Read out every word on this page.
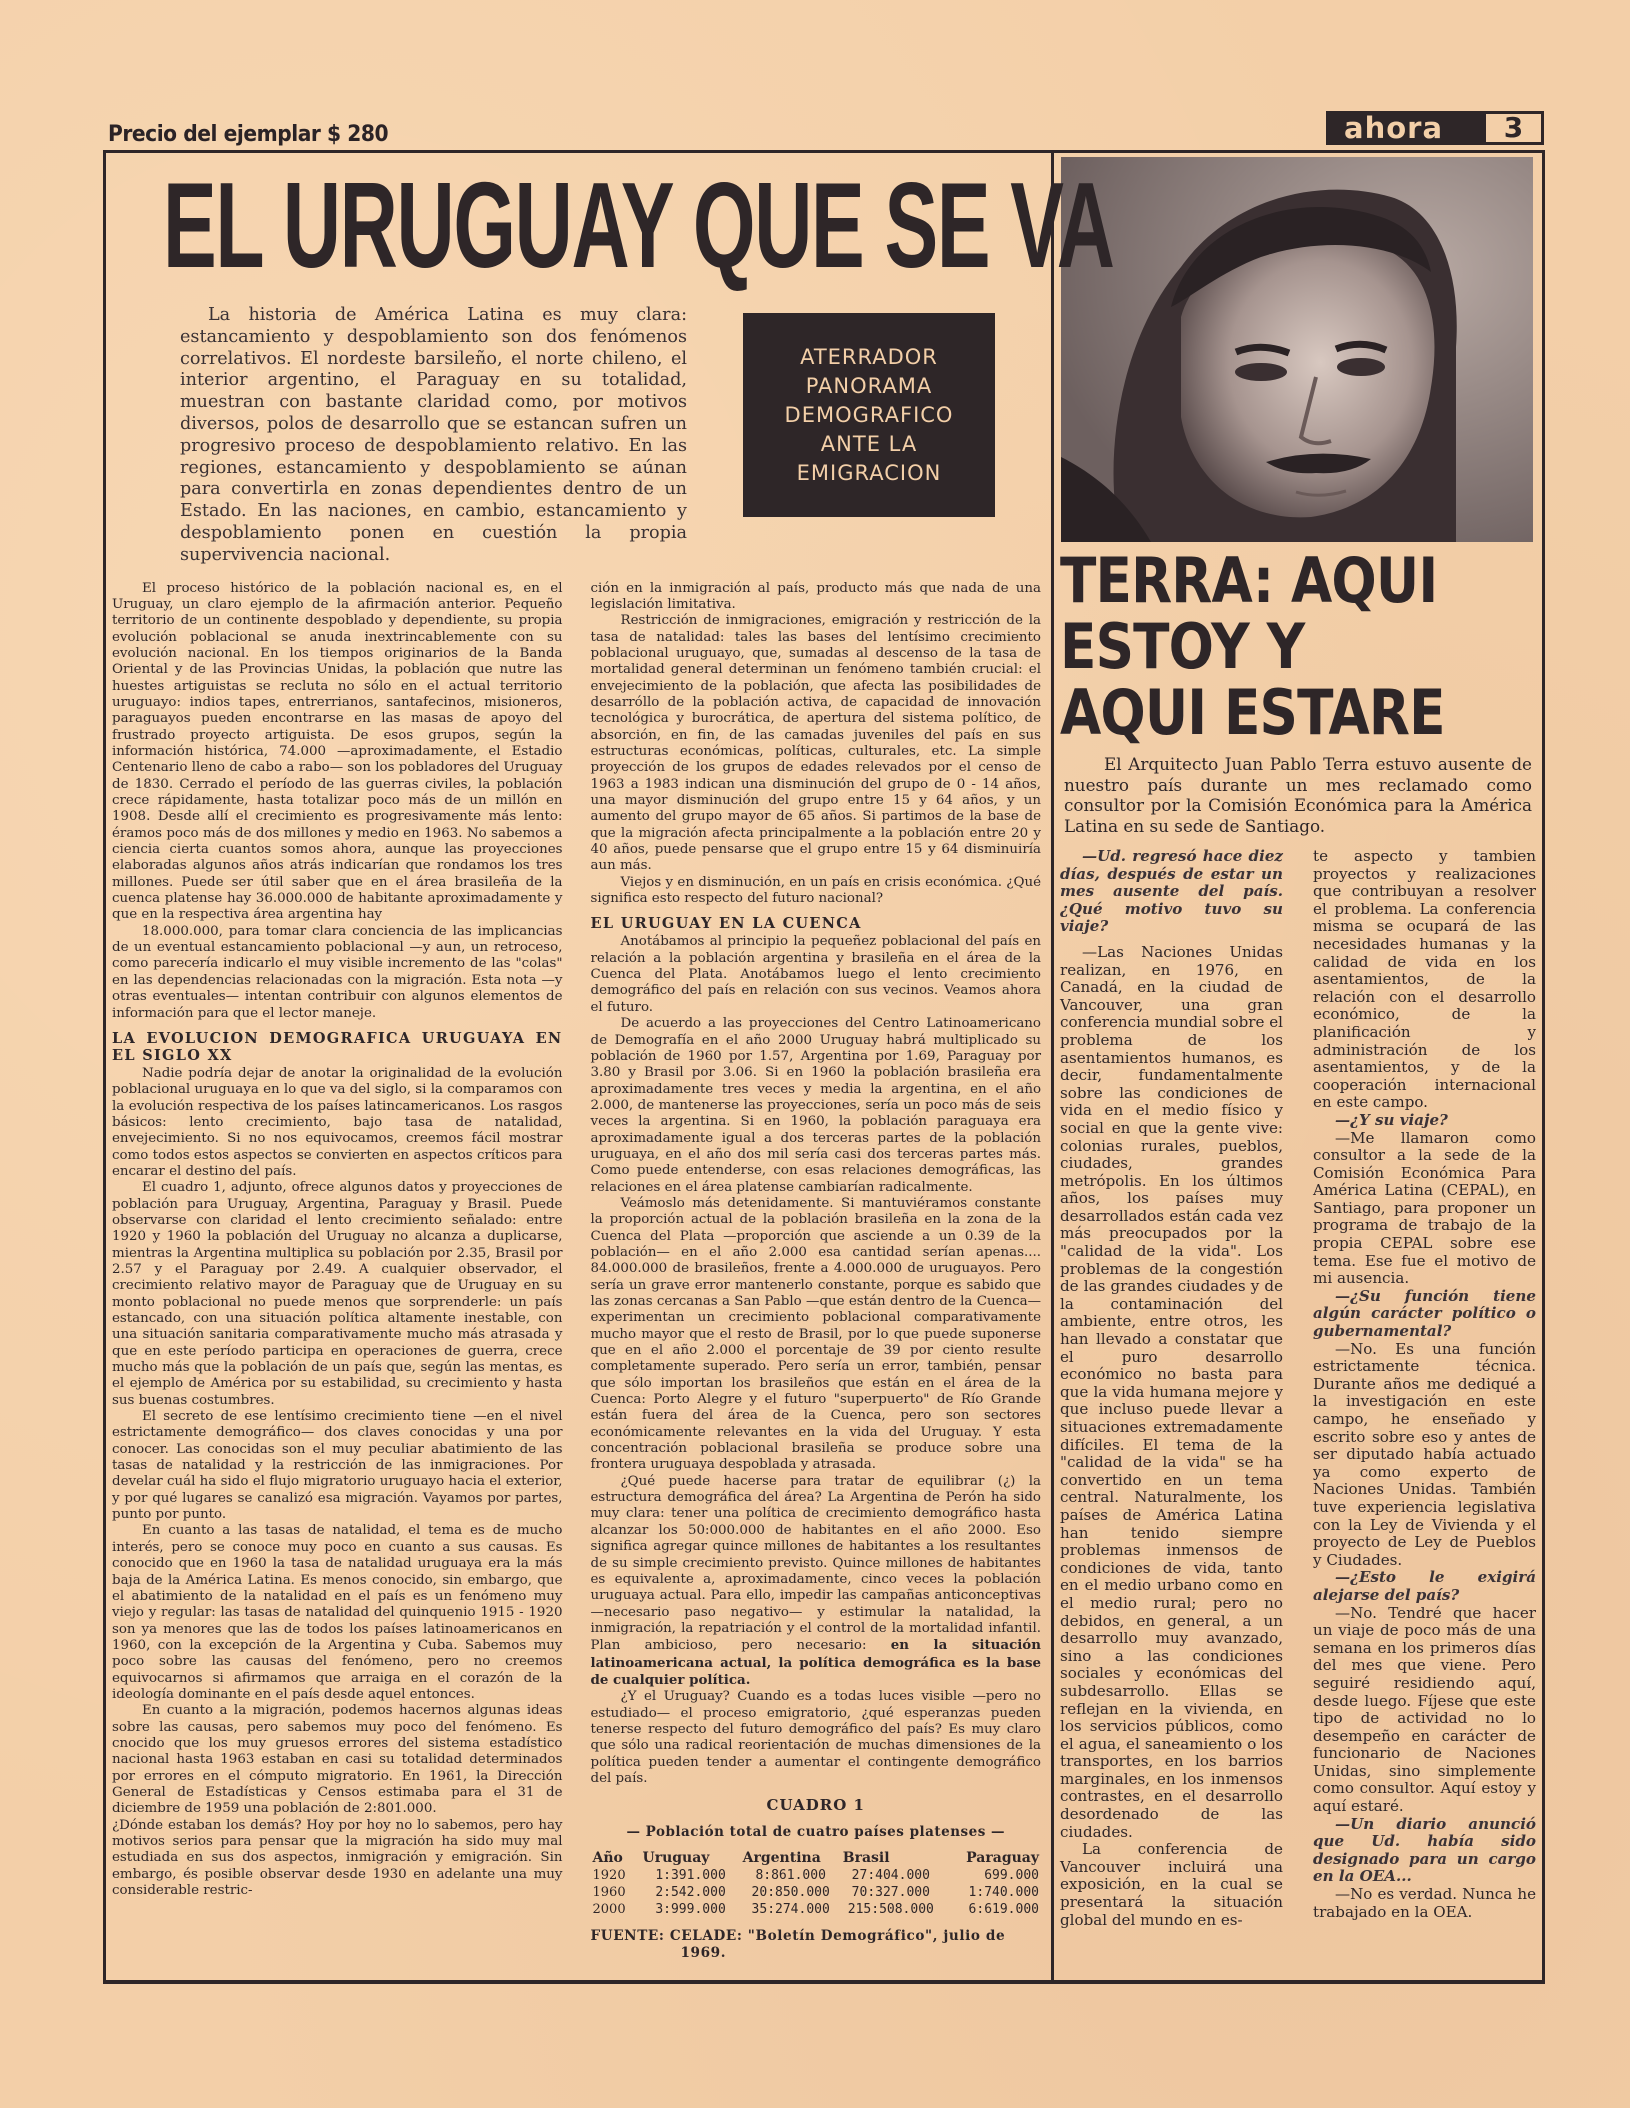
Precio del ejemplar $ 280	ahora	3
EL URUGUAY QUE SE VA
La historia de América Latina es muy clara: estancamiento y despoblamiento son dos fenómenos correlativos. El nordeste barsileño, el norte chileno, el interior argentino, el Paraguay en su totalidad, muestran con bastante claridad como, por motivos diversos, polos de desarrollo que se estancan sufren un progresivo proceso de despoblamiento relativo. En las regiones, estancamiento y despoblamiento se aúnan para convertirla en zonas dependientes dentro de un Estado. En las naciones, en cambio, estancamiento y despoblamiento ponen en cuestión la propia supervivencia nacional.
ATERRADOR
PANORAMA
DEMOGRAFICO
ANTE LA
EMIGRACION

El proceso histórico de la población nacional es, en el Uruguay, un claro ejemplo de la afirmación anterior. Pequeño territorio de un continente despoblado y dependiente, su propia evolución poblacional se anuda inextrincablemente con su evolución nacional. En los tiempos originarios de la Banda Oriental y de las Provincias Unidas, la población que nutre las huestes artiguistas se recluta no sólo en el actual territorio uruguayo: indios tapes, entrerrianos, santafecinos, misioneros, paraguayos pueden encontrarse en las masas de apoyo del frustrado proyecto artiguista. De esos grupos, según la información histórica, 74.000 —aproximadamente, el Estadio Centenario lleno de cabo a rabo— son los pobladores del Uruguay de 1830. Cerrado el período de las guerras civiles, la población crece rápidamente, hasta totalizar poco más de un millón en 1908. Desde allí el crecimiento es progresivamente más lento: éramos poco más de dos millones y medio en 1963. No sabemos a ciencia cierta cuantos somos ahora, aunque las proyecciones elaboradas algunos años atrás indicarían que rondamos los tres millones. Puede ser útil saber que en el área brasileña de la cuenca platense hay 36.000.000 de habitante aproximadamente y que en la respectiva área argentina hay

18.000.000, para tomar clara conciencia de las implicancias de un eventual estancamiento poblacional —y aun, un retroceso, como parecería indicarlo el muy visible incremento de las "colas" en las dependencias relacionadas con la migración. Esta nota —y otras eventuales— intentan contribuir con algunos elementos de información para que el lector maneje.

LA EVOLUCION DEMOGRAFICA URUGUAYA EN EL SIGLO XX

Nadie podría dejar de anotar la originalidad de la evolución poblacional uruguaya en lo que va del siglo, si la comparamos con la evolución respectiva de los países latincamericanos. Los rasgos básicos: lento crecimiento, bajo tasa de natalidad, envejecimiento. Si no nos equivocamos, creemos fácil mostrar como todos estos aspectos se convierten en aspectos críticos para encarar el destino del país.

El cuadro 1, adjunto, ofrece algunos datos y proyecciones de población para Uruguay, Argentina, Paraguay y Brasil. Puede observarse con claridad el lento crecimiento señalado: entre 1920 y 1960 la población del Uruguay no alcanza a duplicarse, mientras la Argentina multiplica su población por 2.35, Brasil por 2.57 y el Paraguay por 2.49. A cualquier observador, el crecimiento relativo mayor de Paraguay que de Uruguay en su monto poblacional no puede menos que sorprenderle: un país estancado, con una situación política altamente inestable, con una situación sanitaria comparativamente mucho más atrasada y que en este período participa en operaciones de guerra, crece mucho más que la población de un país que, según las mentas, es el ejemplo de América por su estabilidad, su crecimiento y hasta sus buenas costumbres.

El secreto de ese lentísimo crecimiento tiene —en el nivel estrictamente demográfico— dos claves conocidas y una por conocer. Las conocidas son el muy peculiar abatimiento de las tasas de natalidad y la restricción de las inmigraciones. Por develar cuál ha sido el flujo migratorio uruguayo hacia el exterior, y por qué lugares se canalizó esa migración. Vayamos por partes, punto por punto.

En cuanto a las tasas de natalidad, el tema es de mucho interés, pero se conoce muy poco en cuanto a sus causas. Es conocido que en 1960 la tasa de natalidad uruguaya era la más baja de la América Latina. Es menos conocido, sin embargo, que el abatimiento de la natalidad en el país es un fenómeno muy viejo y regular: las tasas de natalidad del quinquenio 1915 - 1920 son ya menores que las de todos los países latinoamericanos en 1960, con la excepción de la Argentina y Cuba. Sabemos muy poco sobre las causas del fenómeno, pero no creemos equivocarnos si afirmamos que arraiga en el corazón de la ideología dominante en el país desde aquel entonces.

En cuanto a la migración, podemos hacernos algunas ideas sobre las causas, pero sabemos muy poco del fenómeno. Es cnocido que los muy gruesos errores del sistema estadístico nacional hasta 1963 estaban en casi su totalidad determinados por errores en el cómputo migratorio. En 1961, la Dirección General de Estadísticas y Censos estimaba para el 31 de diciembre de 1959 una población de 2:801.000.

¿Dónde estaban los demás? Hoy por hoy no lo sabemos, pero hay motivos serios para pensar que la migración ha sido muy mal estudiada en sus dos aspectos, inmigración y emigración. Sin embargo, és posible observar desde 1930 en adelante una muy considerable restric-

ción en la inmigración al país, producto más que nada de una legislación limitativa.

Restricción de inmigraciones, emigración y restricción de la tasa de natalidad: tales las bases del lentísimo crecimiento poblacional uruguayo, que, sumadas al descenso de la tasa de mortalidad general determinan un fenómeno también crucial: el envejecimiento de la población, que afecta las posibilidades de desarróllo de la población activa, de capacidad de innovación tecnológica y burocrática, de apertura del sistema político, de absorción, en fin, de las camadas juveniles del país en sus estructuras económicas, políticas, culturales, etc. La simple proyección de los grupos de edades relevados por el censo de 1963 a 1983 indican una disminución del grupo de 0 - 14 años, una mayor disminución del grupo entre 15 y 64 años, y un aumento del grupo mayor de 65 años. Si partimos de la base de que la migración afecta principalmente a la población entre 20 y 40 años, puede pensarse que el grupo entre 15 y 64 disminuiría aun más.

Viejos y en disminución, en un país en crisis económica. ¿Qué significa esto respecto del futuro nacional?

EL URUGUAY EN LA CUENCA

Anotábamos al principio la pequeñez poblacional del país en relación a la población argentina y brasileña en el área de la Cuenca del Plata. Anotábamos luego el lento crecimiento demográfico del país en relación con sus vecinos. Veamos ahora el futuro.

De acuerdo a las proyecciones del Centro Latinoamericano de Demografía en el año 2000 Uruguay habrá multiplicado su población de 1960 por 1.57, Argentina por 1.69, Paraguay por 3.80 y Brasil por 3.06. Si en 1960 la población brasileña era aproximadamente tres veces y media la argentina, en el año 2.000, de mantenerse las proyecciones, sería un poco más de seis veces la argentina. Si en 1960, la población paraguaya era aproximadamente igual a dos terceras partes de la población uruguaya, en el año dos mil sería casi dos terceras partes más. Como puede entenderse, con esas relaciones demográficas, las relaciones en el área platense cambiarían radicalmente.

Veámoslo más detenidamente. Si mantuviéramos constante la proporción actual de la población brasileña en la zona de la Cuenca del Plata —proporción que asciende a un 0.39 de la población— en el año 2.000 esa cantidad serían apenas.... 84.000.000 de brasileños, frente a 4.000.000 de uruguayos. Pero sería un grave error mantenerlo constante, porque es sabido que las zonas cercanas a San Pablo —que están dentro de la Cuenca— experimentan un crecimiento poblacional comparativamente mucho mayor que el resto de Brasil, por lo que puede suponerse que en el año 2.000 el porcentaje de 39 por ciento resulte completamente superado. Pero sería un error, también, pensar que sólo importan los brasileños que están en el área de la Cuenca: Porto Alegre y el futuro "superpuerto" de Río Grande están fuera del área de la Cuenca, pero son sectores económicamente relevantes en la vida del Uruguay. Y esta concentración poblacional brasileña se produce sobre una frontera uruguaya despoblada y atrasada.

¿Qué puede hacerse para tratar de equilibrar (¿) la estructura demográfica del área? La Argentina de Perón ha sido muy clara: tener una política de crecimiento demográfico hasta alcanzar los 50:000.000 de habitantes en el año 2000. Eso significa agregar quince millones de habitantes a los resultantes de su simple crecimiento previsto. Quince millones de habitantes es equivalente a, aproximadamente, cinco veces la población uruguaya actual. Para ello, impedir las campañas anticonceptivas —necesario paso negativo— y estimular la natalidad, la inmigración, la repatriación y el control de la mortalidad infantil. Plan ambicioso, pero necesario: en la situación latinoamericana actual, la política demográfica es la base de cualquier política.

¿Y el Uruguay? Cuando es a todas luces visible —pero no estudiado— el proceso emigratorio, ¿qué esperanzas pueden tenerse respecto del futuro demográfico del país? Es muy claro que sólo una radical reorientación de muchas dimensiones de la política pueden tender a aumentar el contingente demográfico del país.

CUADRO 1
— Población total de cuatro países platenses —
Año	Uruguay	Argentina	Brasil	Paraguay
1920	1:391.000	8:861.000	27:404.000	699.000
1960	2:542.000	20:850.000	70:327.000	1:740.000
2000	3:999.000	35:274.000	215:508.000	6:619.000
FUENTE: CELADE: "Boletín Demográfico", julio de
1969.
TERRA: AQUI
ESTOY Y
AQUI ESTARE
El Arquitecto Juan Pablo Terra estuvo ausente de nuestro país durante un mes reclamado como consultor por la Comisión Económica para la América Latina en su sede de Santiago.

—Ud. regresó hace diez días, después de estar un mes ausente del país. ¿Qué motivo tuvo su viaje?

—Las Naciones Unidas realizan, en 1976, en Canadá, en la ciudad de Vancouver, una gran conferencia mundial sobre el problema de los asentamientos humanos, es decir, fundamentalmente sobre las condiciones de vida en el medio físico y social en que la gente vive: colonias rurales, pueblos, ciudades, grandes metrópolis. En los últimos años, los países muy desarrollados están cada vez más preocupados por la "calidad de la vida". Los problemas de la congestión de las grandes ciudades y de la contaminación del ambiente, entre otros, les han llevado a constatar que el puro desarrollo económico no basta para que la vida humana mejore y que incluso puede llevar a situaciones extremadamente difíciles. El tema de la "calidad de la vida" se ha convertido en un tema central. Naturalmente, los países de América Latina han tenido siempre problemas inmensos de condiciones de vida, tanto en el medio urbano como en el medio rural; pero no debidos, en general, a un desarrollo muy avanzado, sino a las condiciones sociales y económicas del subdesarrollo. Ellas se reflejan en la vivienda, en los servicios públicos, como el agua, el saneamiento o los transportes, en los barrios marginales, en los inmensos contrastes, en el desarrollo desordenado de las ciudades.

La conferencia de Vancouver incluirá una exposición, en la cual se presentará la situación global del mundo en es-

te aspecto y tambien proyectos y realizaciones que contribuyan a resolver el problema. La conferencia misma se ocupará de las necesidades humanas y la calidad de vida en los asentamientos, de la relación con el desarrollo económico, de la planificación y administración de los asentamientos, y de la cooperación internacional en este campo.

—¿Y su viaje?

—Me llamaron como consultor a la sede de la Comisión Económica Para América Latina (CEPAL), en Santiago, para proponer un programa de trabajo de la propia CEPAL sobre ese tema. Ese fue el motivo de mi ausencia.

—¿Su función tiene algún carácter político o gubernamental?

—No. Es una función estrictamente técnica. Durante años me dediqué a la investigación en este campo, he enseñado y escrito sobre eso y antes de ser diputado había actuado ya como experto de Naciones Unidas. También tuve experiencia legislativa con la Ley de Vivienda y el proyecto de Ley de Pueblos y Ciudades.

—¿Esto le exigirá alejarse del país?

—No. Tendré que hacer un viaje de poco más de una semana en los primeros días del mes que viene. Pero seguiré residiendo aquí, desde luego. Fíjese que este tipo de actividad no lo desempeño en carácter de funcionario de Naciones Unidas, sino simplemente como consultor. Aquí estoy y aquí estaré.

—Un diario anunció que Ud. había sido designado para un cargo en la OEA...

—No es verdad. Nunca he trabajado en la OEA.
